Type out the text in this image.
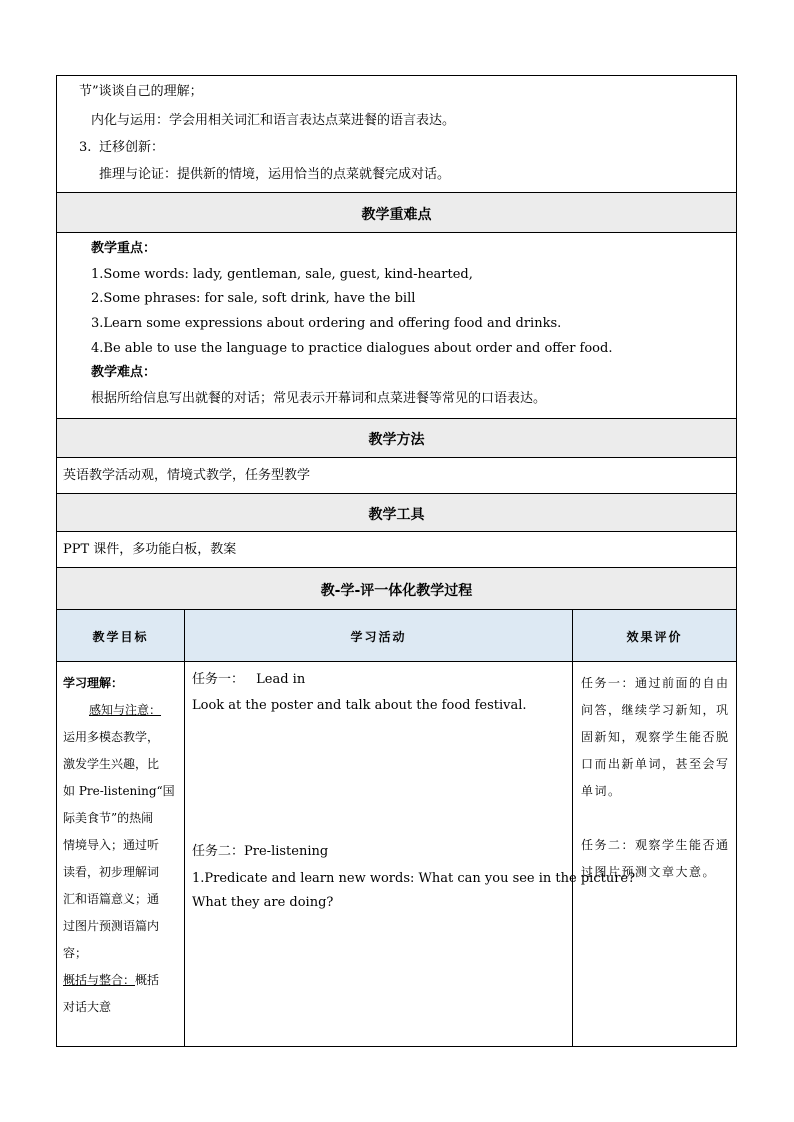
节”谈谈自己的理解；
内化与运用：学会用相关词汇和语言表达点菜进餐的语言表达。
3. 迁移创新：
推理与论证：提供新的情境，运用恰当的点菜就餐完成对话。
教学重难点
教学重点：
1.Some words: lady, gentleman, sale, guest, kind-hearted,
2.Some phrases: for sale, soft drink, have the bill
3.Learn some expressions about ordering and offering food and drinks.
4.Be able to use the language to practice dialogues about order and offer food.
教学难点：
根据所给信息写出就餐的对话；常见表示开幕词和点菜进餐等常见的口语表达。
教学方法
英语教学活动观，情境式教学，任务型教学
教学工具
PPT 课件，多功能白板，教案
教-学-评一体化教学过程
教学目标	学习活动	效果评价
学习理解：
感知与注意：
运用多模态教学，
激发学生兴趣，比
如 Pre-listening“国
际美食节”的热闹
情境导入；通过听
读看，初步理解词
汇和语篇意义；通
过图片预测语篇内
容；
概括与整合：概括
对话大意
任务一： Lead in
Look at the poster and talk about the food festival.
任务二：Pre-listening
1.Predicate and learn new words: What can you see in the picture?
What they are doing?
任务一：通过前面的自由问答，继续学习新知，巩固新知，观察学生能否脱口而出新单词，甚至会写单词。
任务二：观察学生能否通过图片预测文章大意。
